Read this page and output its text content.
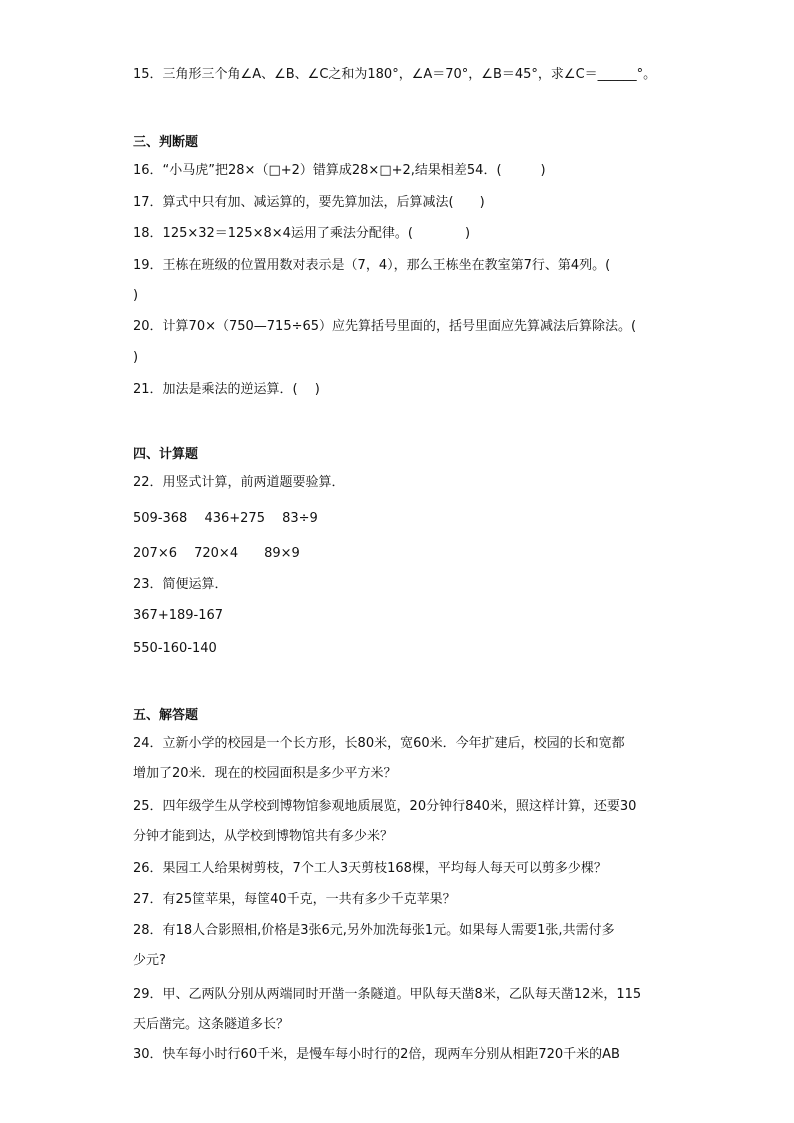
15．三角形三个角∠A、∠B、∠C之和为180°，∠A＝70°，∠B＝45°，求∠C＝______°。
三、判断题
16．“小马虎”把28×（□+2）错算成28×□+2,结果相差54．(　　　)
17．算式中只有加、减运算的，要先算加法，后算减法(　　)
18．125×32＝125×8×4运用了乘法分配律。(　　　　)
19．王栋在班级的位置用数对表示是（7，4），那么王栋坐在教室第7行、第4列。(
)
20．计算70×（750—715÷65）应先算括号里面的，括号里面应先算减法后算除法。(
)
21．加法是乘法的逆运算．(　 )
四、计算题
22．用竖式计算，前两道题要验算．
509-368　 436+275　 83÷9
207×6　 720×4　　89×9
23．简便运算．
367+189-167
550-160-140
五、解答题
24．立新小学的校园是一个长方形，长80米，宽60米．今年扩建后，校园的长和宽都
增加了20米．现在的校园面积是多少平方米？
25．四年级学生从学校到博物馆参观地质展览，20分钟行840米，照这样计算，还要30
分钟才能到达，从学校到博物馆共有多少米？
26．果园工人给果树剪枝，7个工人3天剪枝168棵，平均每人每天可以剪多少棵？
27．有25筐苹果，每筐40千克，一共有多少千克苹果？
28．有18人合影照相,价格是3张6元,另外加洗每张1元。如果每人需要1张,共需付多
少元?
29．甲、乙两队分别从两端同时开凿一条隧道。甲队每天凿8米，乙队每天凿12米，115
天后凿完。这条隧道多长？
30．快车每小时行60千米，是慢车每小时行的2倍，现两车分别从相距720千米的AB
